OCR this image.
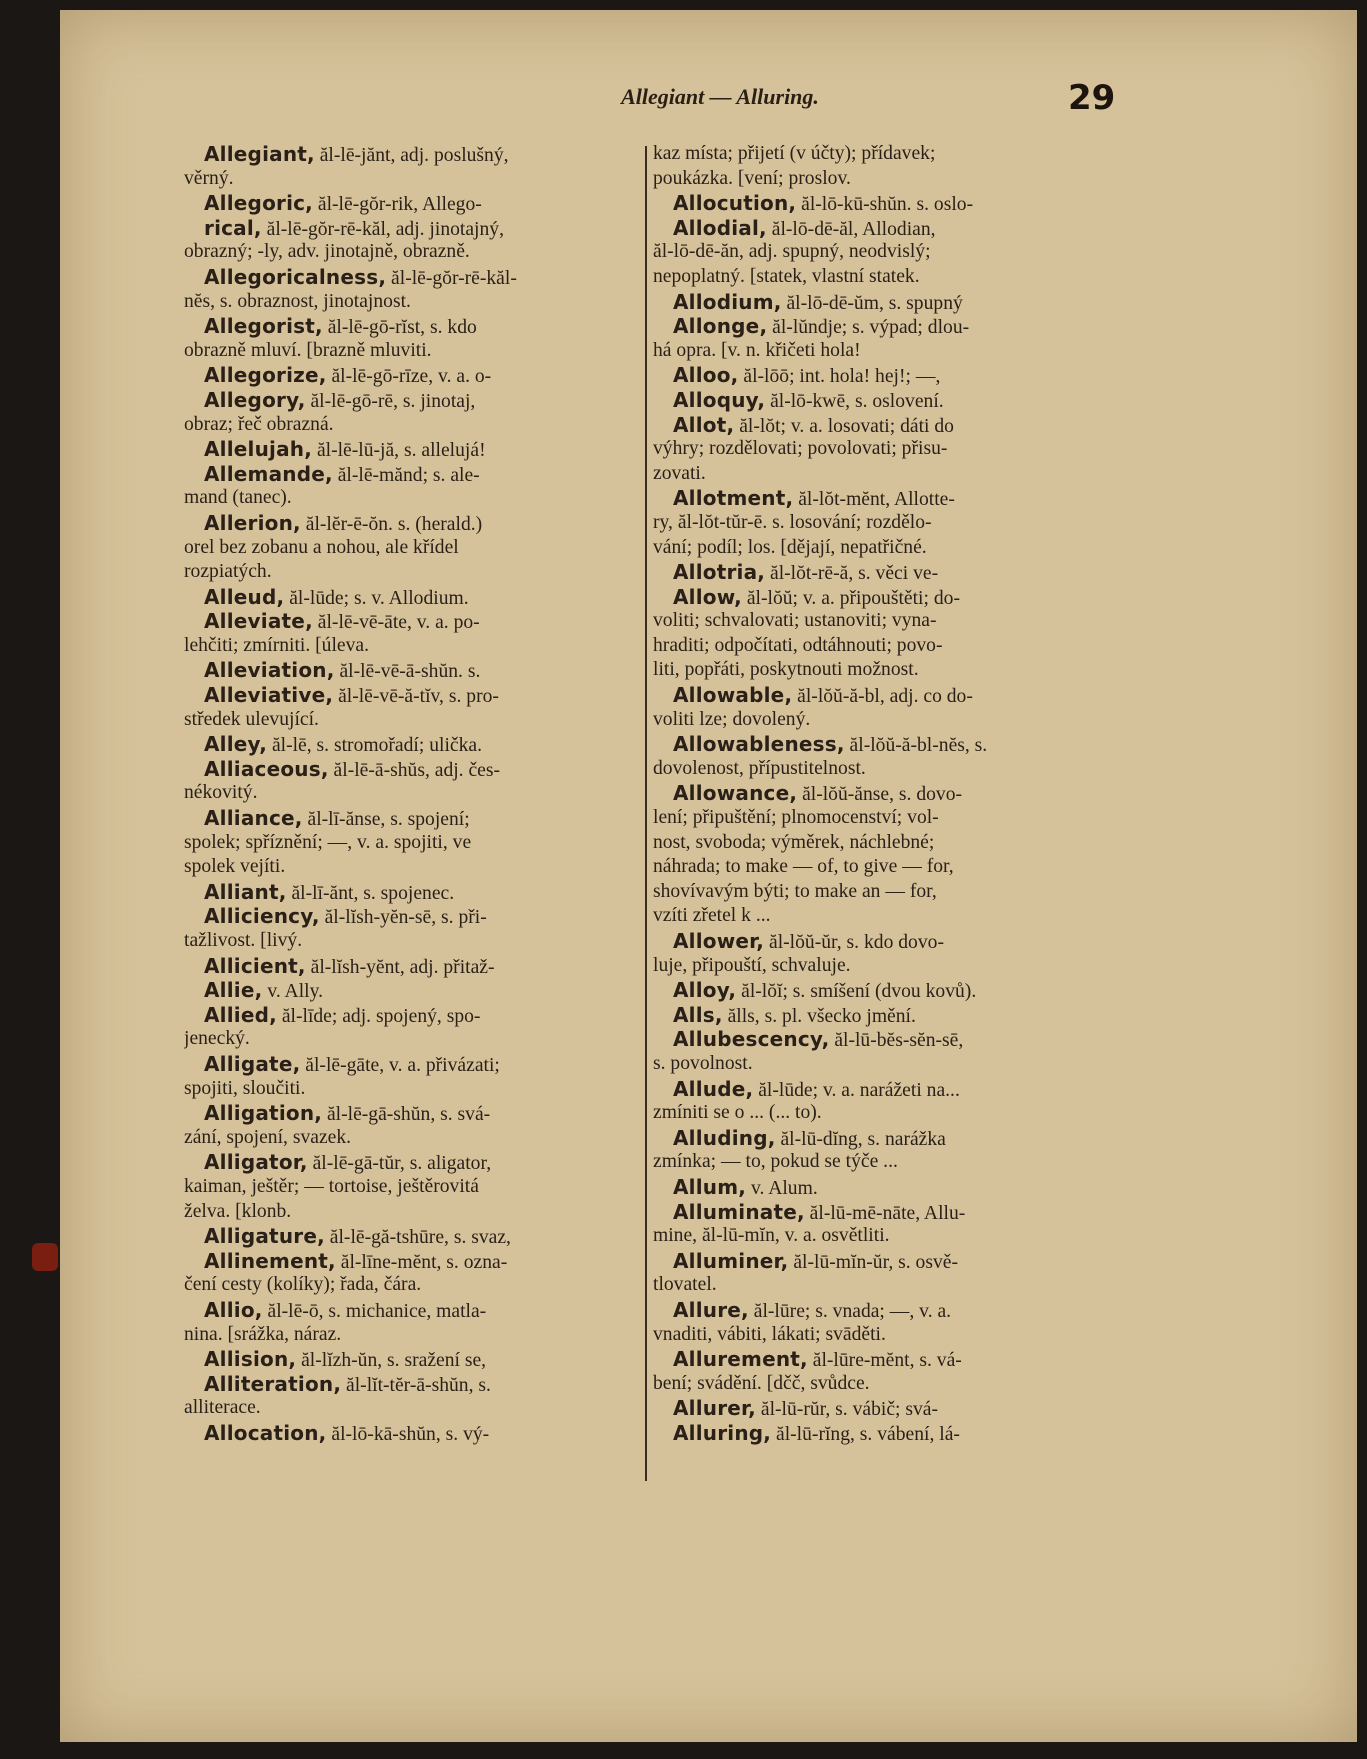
Allegiant — Alluring.	29
Allegiant, ăl-lē-jănt, adj. poslušný,
věrný.
Allegoric, ăl-lē-gŏr-rik, Allego-
rical, ăl-lē-gŏr-rē-kăl, adj. jinotajný,
obrazný; -ly, adv. jinotajně, obrazně.
Allegoricalness, ăl-lē-gŏr-rē-kăl-
nĕs, s. obraznost, jinotajnost.
Allegorist, ăl-lē-gō-rĭst, s. kdo
obrazně mluví. [brazně mluviti.
Allegorize, ăl-lē-gō-rīze, v. a. o-
Allegory, ăl-lē-gō-rē, s. jinotaj,
obraz; řeč obrazná.
Allelujah, ăl-lē-lū-jă, s. allelujá!
Allemande, ăl-lē-mănd; s. ale-
mand (tanec).
Allerion, ăl-lĕr-ē-ŏn. s. (herald.)
orel bez zobanu a nohou, ale křídel
rozpiatých.
Alleud, ăl-lūde; s. v. Allodium.
Alleviate, ăl-lē-vē-āte, v. a. po-
lehčiti; zmírniti. [úleva.
Alleviation, ăl-lē-vē-ā-shŭn. s.
Alleviative, ăl-lē-vē-ă-tĭv, s. pro-
středek ulevující.
Alley, ăl-lē, s. stromořadí; ulička.
Alliaceous, ăl-lē-ā-shŭs, adj. čes-
nékovitý.
Alliance, ăl-lī-ănse, s. spojení;
spolek; spříznění; —, v. a. spojiti, ve
spolek vejíti.
Alliant, ăl-lī-ănt, s. spojenec.
Alliciency, ăl-lĭsh-yĕn-sē, s. při-
tažlivost. [livý.
Allicient, ăl-lĭsh-yĕnt, adj. přitaž-
Allie, v. Ally.
Allied, ăl-līde; adj. spojený, spo-
jenecký.
Alligate, ăl-lē-gāte, v. a. přivázati;
spojiti, sloučiti.
Alligation, ăl-lē-gā-shŭn, s. svá-
zání, spojení, svazek.
Alligator, ăl-lē-gā-tŭr, s. aligator,
kaiman, ještěr; — tortoise, ještěrovitá
želva. [klonb.
Alligature, ăl-lē-gă-tshūre, s. svaz,
Allinement, ăl-līne-mĕnt, s. ozna-
čení cesty (kolíky); řada, čára.
Allio, ăl-lē-ō, s. michanice, matla-
nina. [srážka, náraz.
Allision, ăl-lĭzh-ŭn, s. sražení se,
Alliteration, ăl-lĭt-tĕr-ā-shŭn, s.
alliterace.
Allocation, ăl-lō-kā-shŭn, s. vý-
kaz místa; přijetí (v účty); přídavek;
poukázka. [vení; proslov.
Allocution, ăl-lō-kū-shŭn. s. oslo-
Allodial, ăl-lō-dē-ăl, Allodian,
ăl-lō-dē-ăn, adj. spupný, neodvislý;
nepoplatný. [statek, vlastní statek.
Allodium, ăl-lō-dē-ŭm, s. spupný
Allonge, ăl-lŭndje; s. výpad; dlou-
há opra. [v. n. křičeti hola!
Alloo, ăl-lōō; int. hola! hej!; —,
Alloquy, ăl-lō-kwē, s. oslovení.
Allot, ăl-lŏt; v. a. losovati; dáti do
výhry; rozdělovati; povolovati; přisu-
zovati.
Allotment, ăl-lŏt-mĕnt, Allotte-
ry, ăl-lŏt-tŭr-ē. s. losování; rozdělo-
vání; podíl; los. [dějají, nepatřičné.
Allotria, ăl-lŏt-rē-ă, s. věci ve-
Allow, ăl-lŏŭ; v. a. připouštěti; do-
voliti; schvalovati; ustanoviti; vyna-
hraditi; odpočítati, odtáhnouti; povo-
liti, popřáti, poskytnouti možnost.
Allowable, ăl-lŏŭ-ă-bl, adj. co do-
voliti lze; dovolený.
Allowableness, ăl-lŏŭ-ă-bl-nĕs, s.
dovolenost, přípustitelnost.
Allowance, ăl-lŏŭ-ănse, s. dovo-
lení; připuštění; plnomocenství; vol-
nost, svoboda; výměrek, náchlebné;
náhrada; to make — of, to give — for,
shovívavým býti; to make an — for,
vzíti zřetel k ...
Allower, ăl-lŏŭ-ŭr, s. kdo dovo-
luje, připouští, schvaluje.
Alloy, ăl-lŏĭ; s. smíšení (dvou kovů).
Alls, ălls, s. pl. všecko jmění.
Allubescency, ăl-lū-bĕs-sĕn-sē,
s. povolnost.
Allude, ăl-lūde; v. a. narážeti na...
zmíniti se o ... (... to).
Alluding, ăl-lū-dĭng, s. narážka
zmínka; — to, pokud se týče ...
Allum, v. Alum.
Alluminate, ăl-lū-mē-nāte, Allu-
mine, ăl-lū-mĭn, v. a. osvětliti.
Alluminer, ăl-lū-mĭn-ŭr, s. osvě-
tlovatel.
Allure, ăl-lūre; s. vnada; —, v. a.
vnaditi, vábiti, lákati; svāděti.
Allurement, ăl-lūre-mĕnt, s. vá-
bení; svádění. [dčč, svůdce.
Allurer, ăl-lū-rŭr, s. vábič; svá-
Alluring, ăl-lū-rĭng, s. vábení, lá-
